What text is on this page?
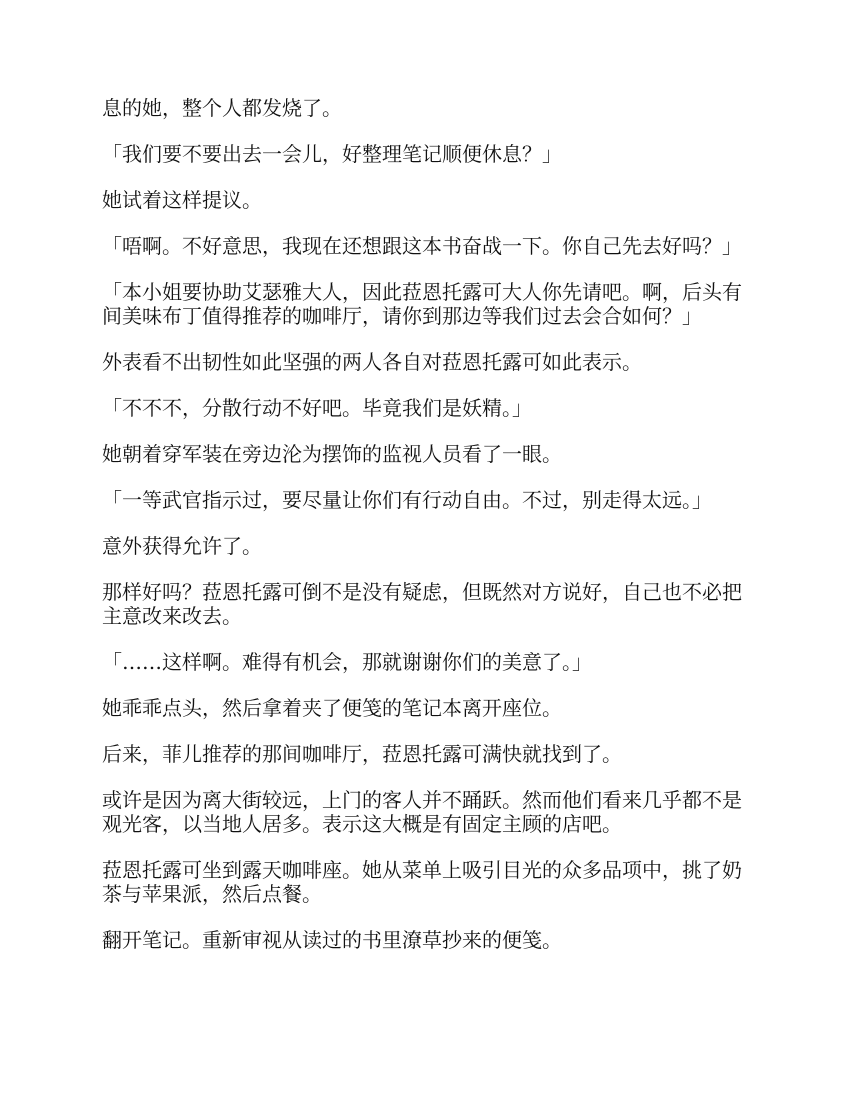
息的她，整个人都发烧了。

「我们要不要出去一会儿，好整理笔记顺便休息？」

她试着这样提议。

「唔啊。不好意思，我现在还想跟这本书奋战一下。你自己先去好吗？」

「本小姐要协助艾瑟雅大人，因此菈恩托露可大人你先请吧。啊，后头有间美味布丁值得推荐的咖啡厅，请你到那边等我们过去会合如何？」

外表看不出韧性如此坚强的两人各自对菈恩托露可如此表示。

「不不不，分散行动不好吧。毕竟我们是妖精。」

她朝着穿军装在旁边沦为摆饰的监视人员看了一眼。

「一等武官指示过，要尽量让你们有行动自由。不过，别走得太远。」

意外获得允许了。

那样好吗？菈恩托露可倒不是没有疑虑，但既然对方说好，自己也不必把主意改来改去。

「……这样啊。难得有机会，那就谢谢你们的美意了。」

她乖乖点头，然后拿着夹了便笺的笔记本离开座位。

后来，菲儿推荐的那间咖啡厅，菈恩托露可满快就找到了。

或许是因为离大街较远，上门的客人并不踊跃。然而他们看来几乎都不是观光客，以当地人居多。表示这大概是有固定主顾的店吧。

菈恩托露可坐到露天咖啡座。她从菜单上吸引目光的众多品项中，挑了奶茶与苹果派，然后点餐。

翻开笔记。重新审视从读过的书里潦草抄来的便笺。
